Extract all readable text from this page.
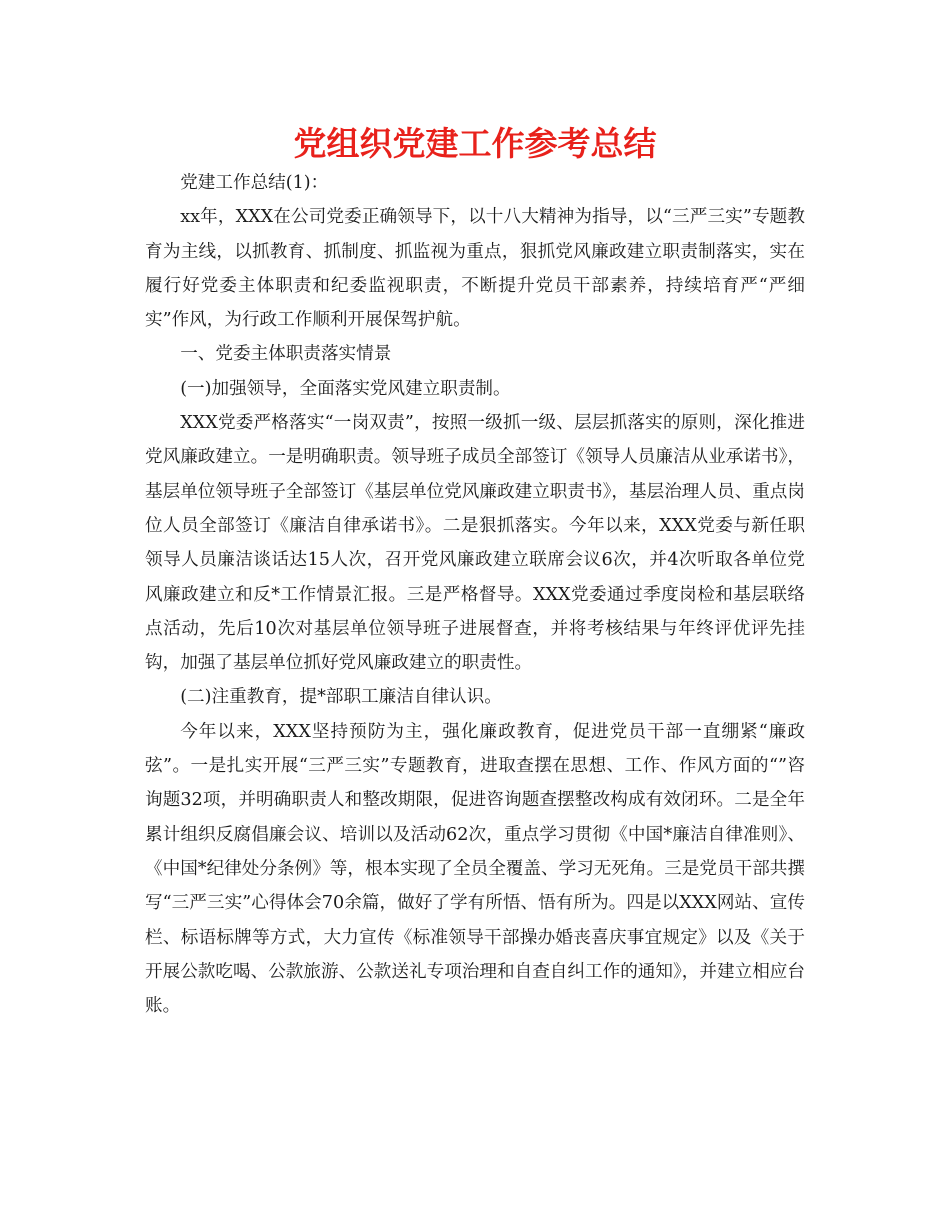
党组织党建工作参考总结

党建工作总结(1)：

xx年，XXX在公司党委正确领导下，以十八大精神为指导，以“三严三实”专题教育为主线，以抓教育、抓制度、抓监视为重点，狠抓党风廉政建立职责制落实，实在履行好党委主体职责和纪委监视职责，不断提升党员干部素养，持续培育严“严细实”作风，为行政工作顺利开展保驾护航。

一、党委主体职责落实情景

(一)加强领导，全面落实党风建立职责制。

XXX党委严格落实“一岗双责”，按照一级抓一级、层层抓落实的原则，深化推进党风廉政建立。一是明确职责。领导班子成员全部签订《领导人员廉洁从业承诺书》，基层单位领导班子全部签订《基层单位党风廉政建立职责书》，基层治理人员、重点岗位人员全部签订《廉洁自律承诺书》。二是狠抓落实。今年以来，XXX党委与新任职领导人员廉洁谈话达15人次，召开党风廉政建立联席会议6次，并4次听取各单位党风廉政建立和反*工作情景汇报。三是严格督导。XXX党委通过季度岗检和基层联络点活动，先后10次对基层单位领导班子进展督查，并将考核结果与年终评优评先挂钩，加强了基层单位抓好党风廉政建立的职责性。

(二)注重教育，提*部职工廉洁自律认识。

今年以来，XXX坚持预防为主，强化廉政教育，促进党员干部一直绷紧“廉政弦”。一是扎实开展“三严三实”专题教育，进取查摆在思想、工作、作风方面的“”咨询题32项，并明确职责人和整改期限，促进咨询题查摆整改构成有效闭环。二是全年累计组织反腐倡廉会议、培训以及活动62次，重点学习贯彻《中国*廉洁自律准则》、《中国*纪律处分条例》等，根本实现了全员全覆盖、学习无死角。三是党员干部共撰写“三严三实”心得体会70余篇，做好了学有所悟、悟有所为。四是以XXX网站、宣传栏、标语标牌等方式，大力宣传《标准领导干部操办婚丧喜庆事宜规定》以及《关于开展公款吃喝、公款旅游、公款送礼专项治理和自查自纠工作的通知》，并建立相应台账。
